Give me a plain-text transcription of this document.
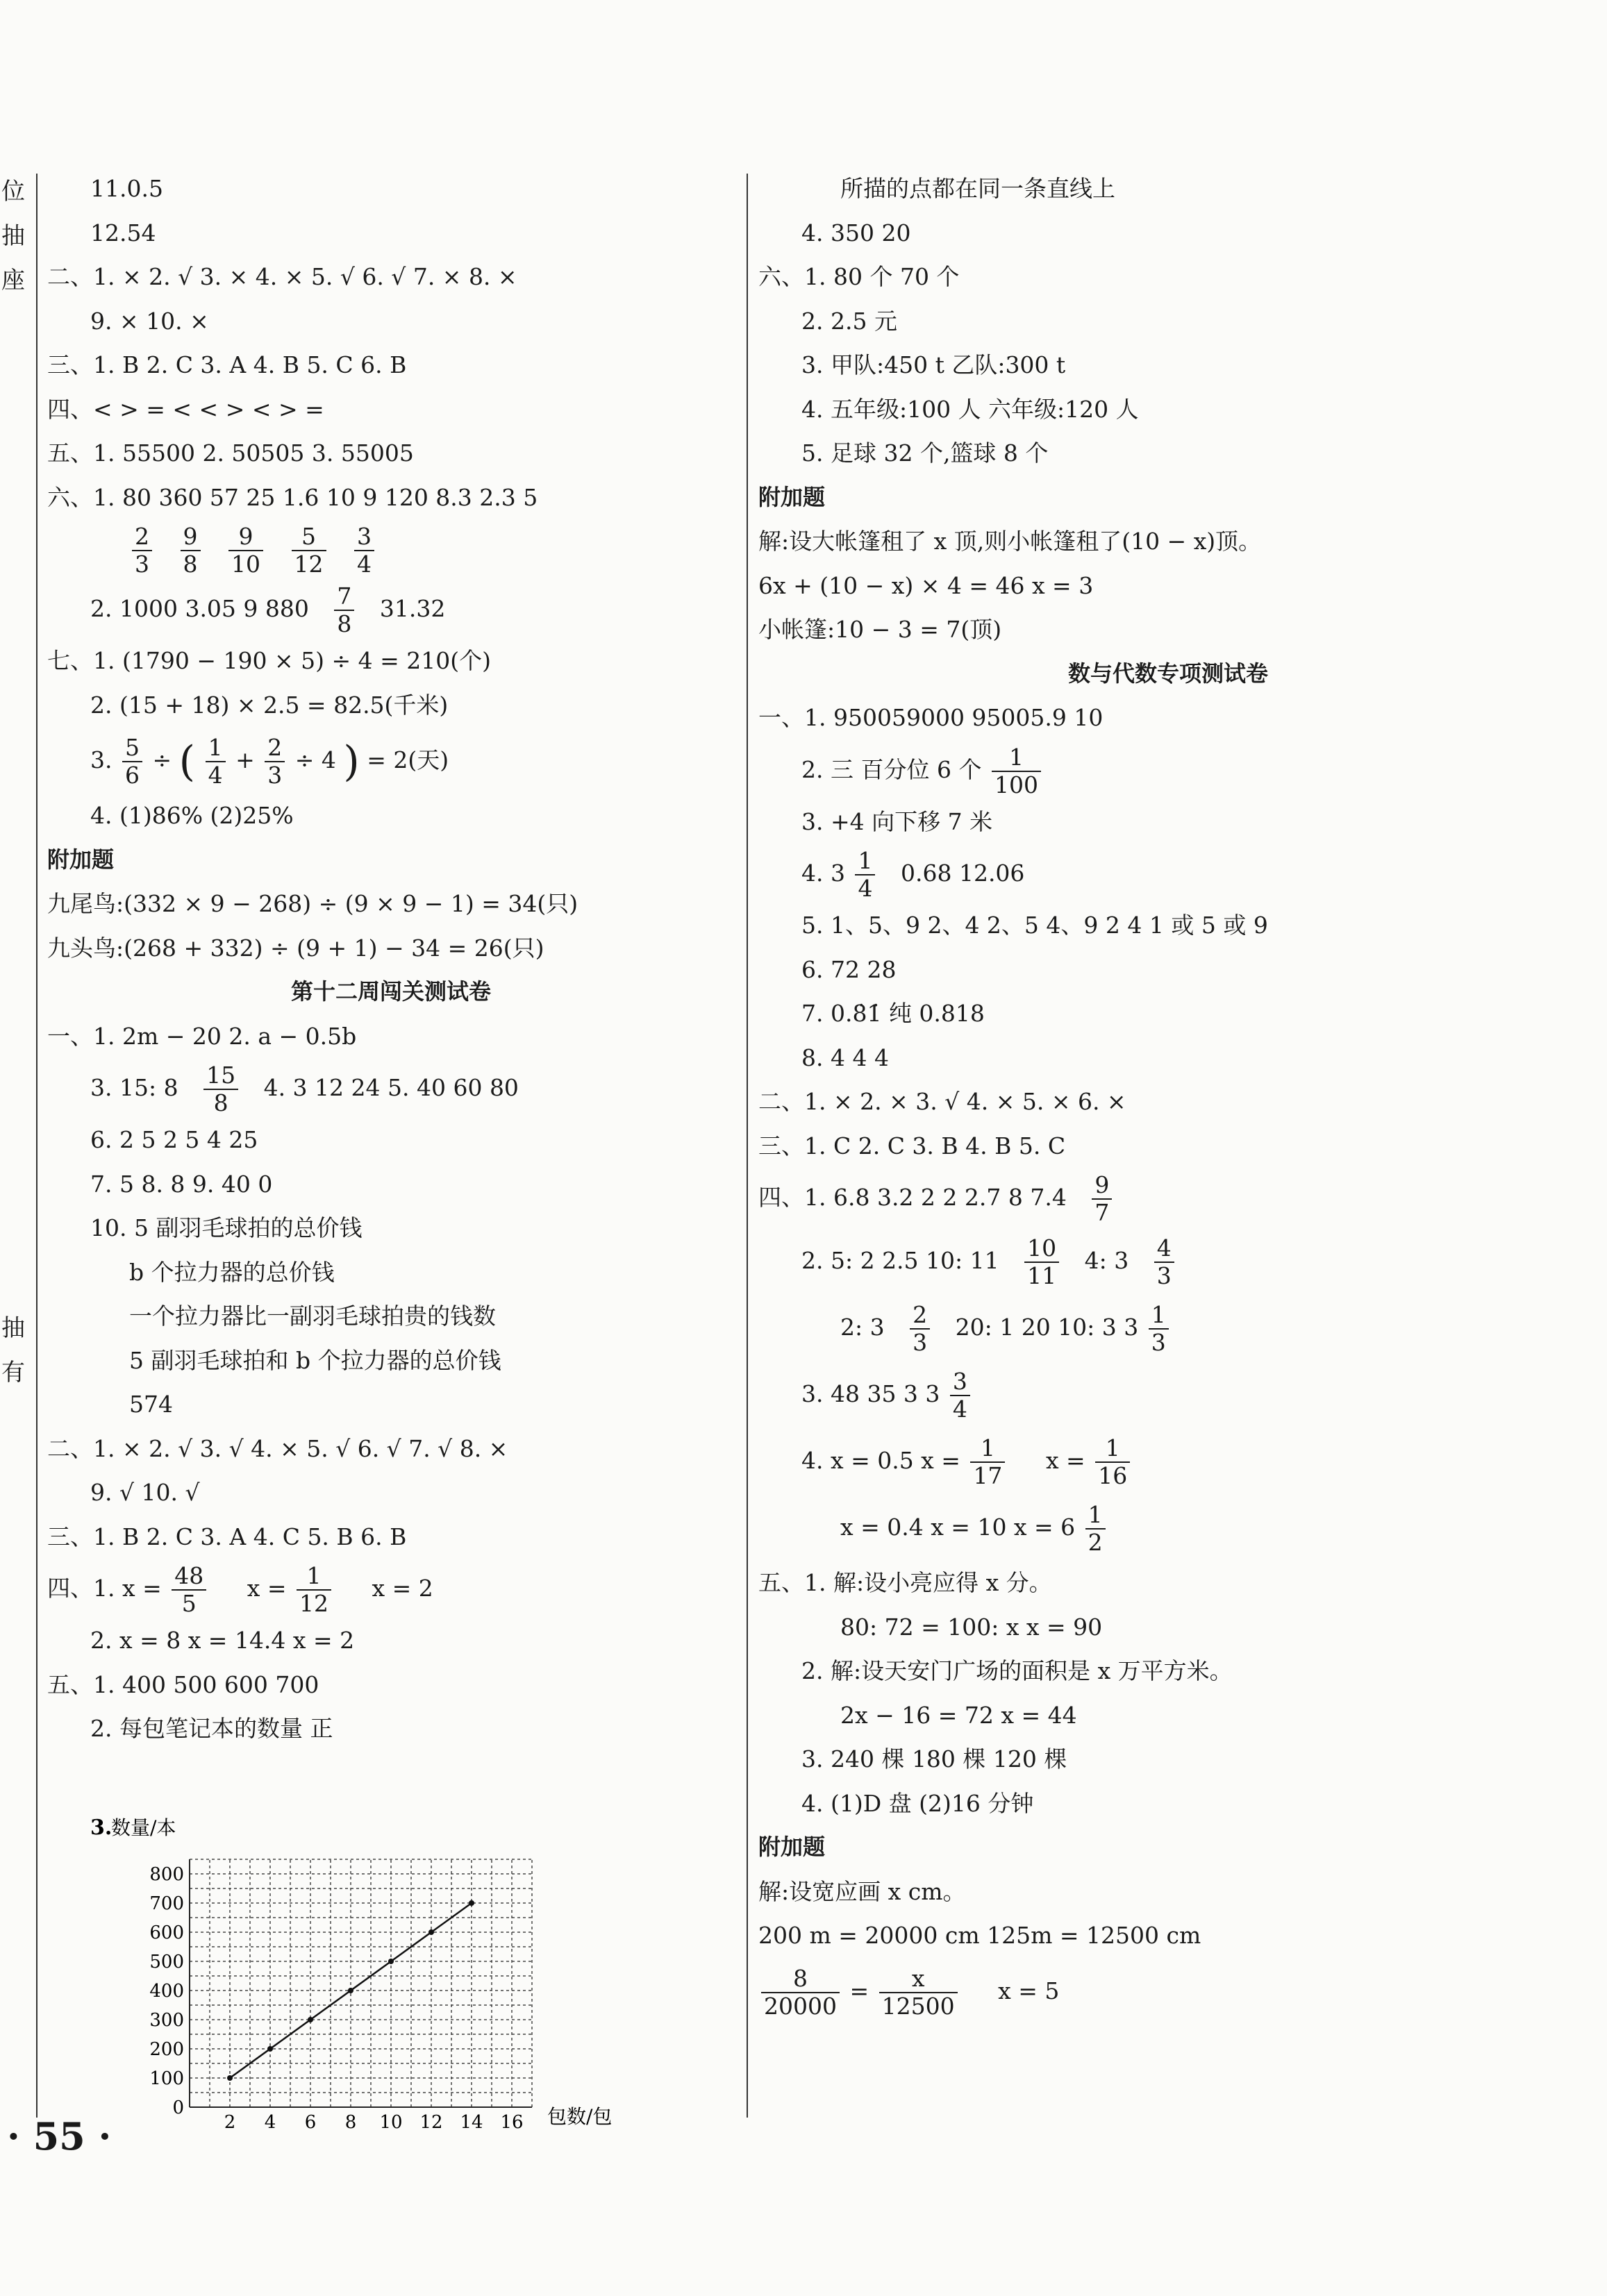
位
抽
座
抽
有
11.0.5
12.54
二、1. × 2. √ 3. × 4. × 5. √ 6. √ 7. × 8. ×
9. × 10. ×
三、1. B 2. C 3. A 4. B 5. C 6. B
四、< > = < < > < > =
五、1. 55500 2. 50505 3. 55005
六、1. 80 360 57 25 1.6 10 9 120 8.3 2.3 5
$\frac{2}{3}$
$\frac{9}{8}$
$\frac{9}{10}$
$\frac{5}{12}$
$\frac{3}{4}$
2. 1000 3.05 9 $880 \frac{7}{8} 31.32$
七、1. (1790 − 190 × 5) ÷ 4 = 210(个)
2. (15 + 18) × 2.5 = 82.5(千米)
3. $\frac{5}{6}$ ÷ ( $\frac{1}{4} + \frac{2}{3} \div 4$ ) = 2(天)
4. (1)86% (2)25%
附加题
九尾鸟:(332 × 9 − 268) ÷ (9 × 9 − 1) = 34(只)
九头鸟:(268 + 332) ÷ (9 + 1) − 34 = 26(只)
第十二周闯关测试卷
一、1. 2m − 20 2. a − 0.5b
3. 15: $8 \frac{15}{8} 4$. 3 12 24 5. 40 60 80
6. 2 5 2 5 4 25
7. 5 8. 8 9. 40 0
10. 5 副羽毛球拍的总价钱
b 个拉力器的总价钱
一个拉力器比一副羽毛球拍贵的钱数
5 副羽毛球拍和 b 个拉力器的总价钱
574
二、1. × 2. √ 3. √ 4. × 5. √ 6. √ 7. √ 8. ×
9. √ 10. √
三、1. B 2. C 3. A 4. C 5. B 6. B
四、1. $x = \frac{48}{5}$ $x = \frac{1}{12}$ x = 2
2. x = 8 x = 14.4 x = 2
五、1. 400 500 600 700
2. 每包笔记本的数量 正
3.
数量/本
包数/包
2 4 6 8 10 12 14 16
0
100
200
300
400
500
600
700
800
所描的点都在同一条直线上
4. 350 20
六、1. 80 个 70 个
2. 2.5 元
3. 甲队:450 t 乙队:300 t
4. 五年级:100 人 六年级:120 人
5. 足球 32 个,篮球 8 个
附加题
解:设大帐篷租了 x 顶,则小帐篷租了(10 − x)顶。
6x + (10 − x) × 4 = 46 x = 3
小帐篷:10 − 3 = 7(顶)
数与代数专项测试卷
一、1. 950059000 95005.9 10
2. 三 百分位 6 个 $\frac{1}{100}$
3. +4 向下移 7 米
4. $3 \frac{1}{4} 0.68$ 12.06
5. 1、5、9 2、4 2、5 4、9 2 4 1 或 5 或 9
6. 72 28
7. 0.8̇1̇ 纯 0.818
8. 4 4 4
二、1. × 2. × 3. √ 4. × 5. × 6. ×
三、1. C 2. C 3. B 4. B 5. C
四、1. 6.8 3.2 2 2 2.7 8 $7.4 \frac{9}{7}$
2. 5: 2 2.5 10: $11 \frac{10}{11} 4$: $3 \frac{4}{3}$
2: $3 \frac{2}{3} 20$: 1 20 10: 3 $3 \frac{1}{3}$
3. 48 35 3 $3 \frac{3}{4}$
4. x = 0.5 $x = \frac{1}{17}$ $x = \frac{1}{16}$
x = 0.4 x = 10 $x = 6 \frac{1}{2}$
五、1. 解:设小亮应得 x 分。
80: 72 = 100: x x = 90
2. 解:设天安门广场的面积是 x 万平方米。
2x − 16 = 72 x = 44
3. 240 棵 180 棵 120 棵
4. (1)D 盘 (2)16 分钟
附加题
解:设宽应画 x cm。
200 m = 20000 cm 125m = 12500 cm
$\frac{8}{20000} = \frac{x}{12500}$ x = 5
· 55 ·
